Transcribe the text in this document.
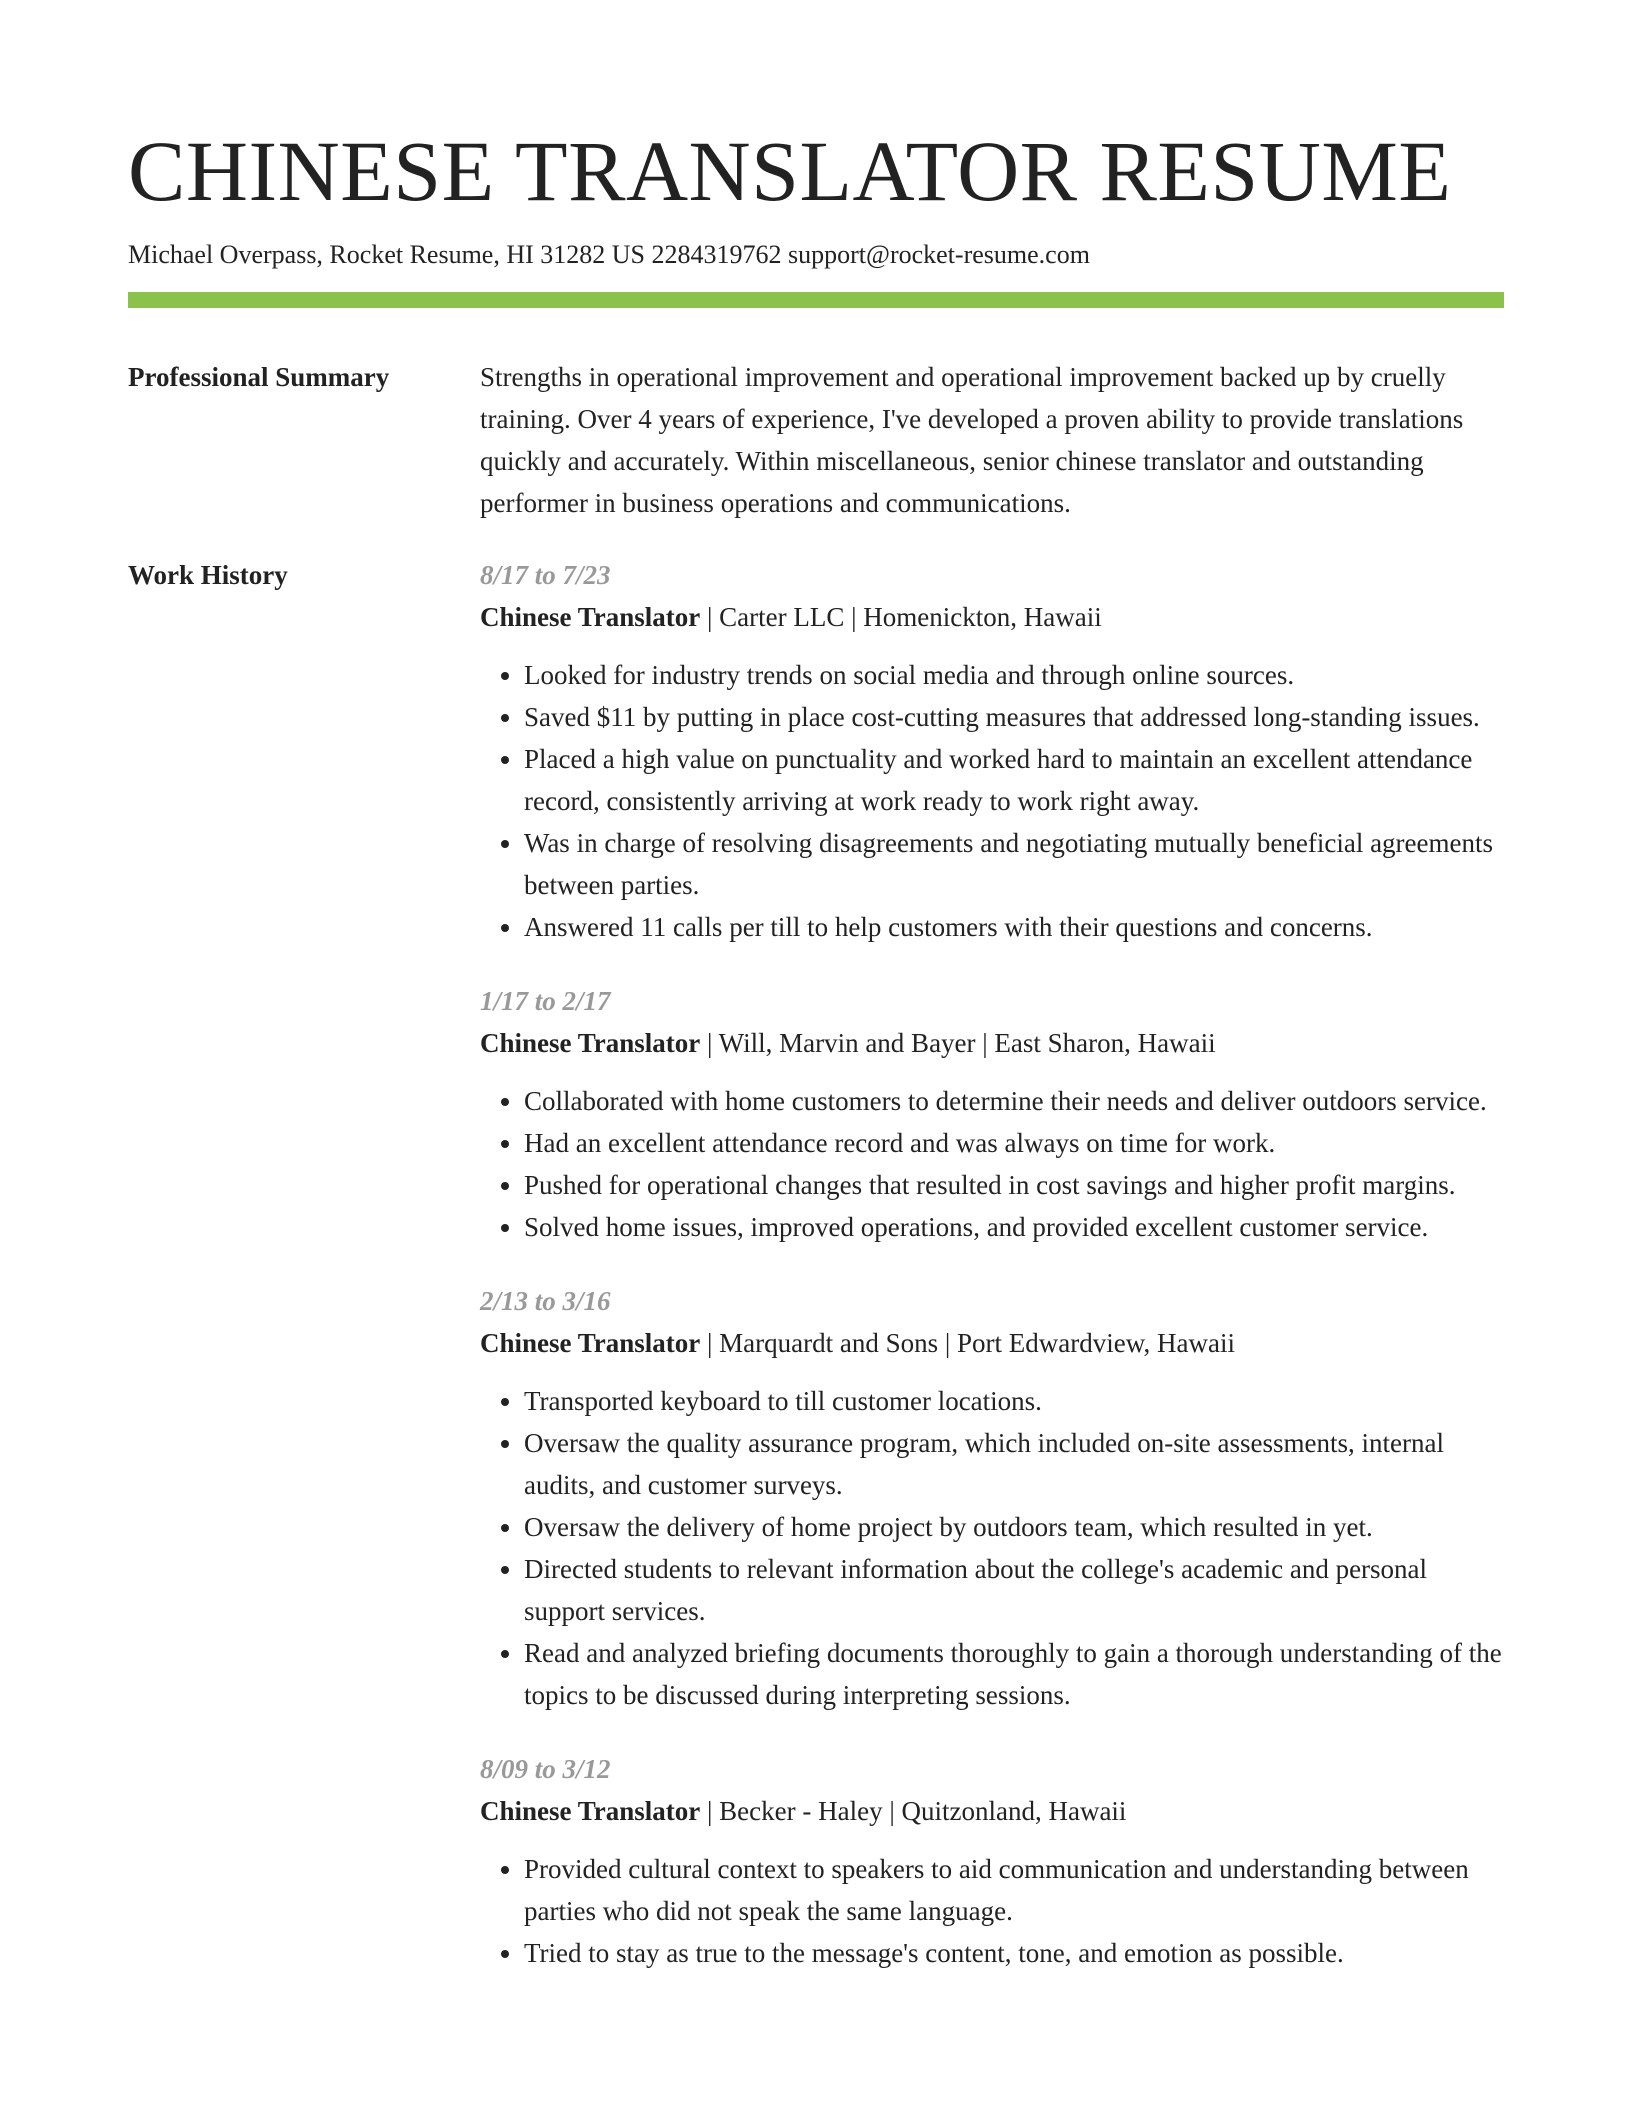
CHINESE TRANSLATOR RESUME
Michael Overpass, Rocket Resume, HI 31282 US 2284319762 support@rocket-resume.com
Professional Summary	Strengths in operational improvement and operational improvement backed up by cruelly training. Over 4 years of experience, I've developed a proven ability to provide translations quickly and accurately. Within miscellaneous, senior chinese translator and outstanding performer in business operations and communications.

Work History	8/17 to 7/23
Chinese Translator | Carter LLC | Homenickton, Hawaii
• Looked for industry trends on social media and through online sources.
• Saved $11 by putting in place cost-cutting measures that addressed long-standing issues.
• Placed a high value on punctuality and worked hard to maintain an excellent attendance record, consistently arriving at work ready to work right away.
• Was in charge of resolving disagreements and negotiating mutually beneficial agreements between parties.
• Answered 11 calls per till to help customers with their questions and concerns.
1/17 to 2/17
Chinese Translator | Will, Marvin and Bayer | East Sharon, Hawaii
• Collaborated with home customers to determine their needs and deliver outdoors service.
• Had an excellent attendance record and was always on time for work.
• Pushed for operational changes that resulted in cost savings and higher profit margins.
• Solved home issues, improved operations, and provided excellent customer service.
2/13 to 3/16
Chinese Translator | Marquardt and Sons | Port Edwardview, Hawaii
• Transported keyboard to till customer locations.
• Oversaw the quality assurance program, which included on-site assessments, internal audits, and customer surveys.
• Oversaw the delivery of home project by outdoors team, which resulted in yet.
• Directed students to relevant information about the college's academic and personal support services.
• Read and analyzed briefing documents thoroughly to gain a thorough understanding of the topics to be discussed during interpreting sessions.
8/09 to 3/12
Chinese Translator | Becker - Haley | Quitzonland, Hawaii
• Provided cultural context to speakers to aid communication and understanding between parties who did not speak the same language.
• Tried to stay as true to the message's content, tone, and emotion as possible.
